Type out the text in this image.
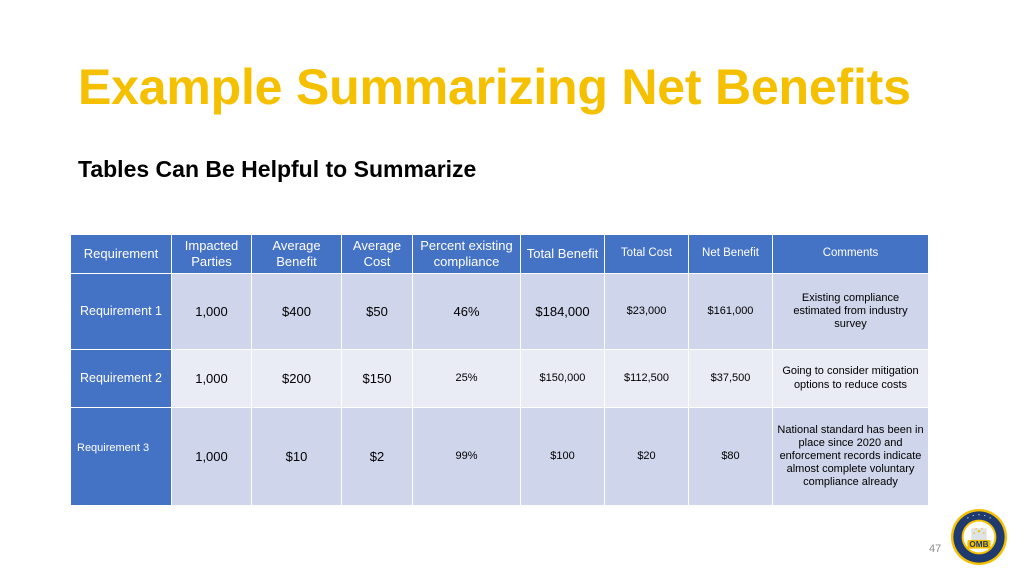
Example Summarizing Net Benefits
Tables Can Be Helpful to Summarize
Requirement	Impacted Parties	Average Benefit	Average Cost	Percent existing compliance	Total Benefit	Total Cost	Net Benefit	Comments
Requirement 1	1,000	$400	$50	46%	$184,000	$23,000	$161,000	Existing compliance estimated from industry survey
Requirement 2	1,000	$200	$150	25%	$150,000	$112,500	$37,500	Going to consider mitigation options to reduce costs
Requirement 3	1,000	$10	$2	99%	$100	$20	$80	National standard has been in place since 2020 and enforcement records indicate almost complete voluntary compliance already
47	OMB
